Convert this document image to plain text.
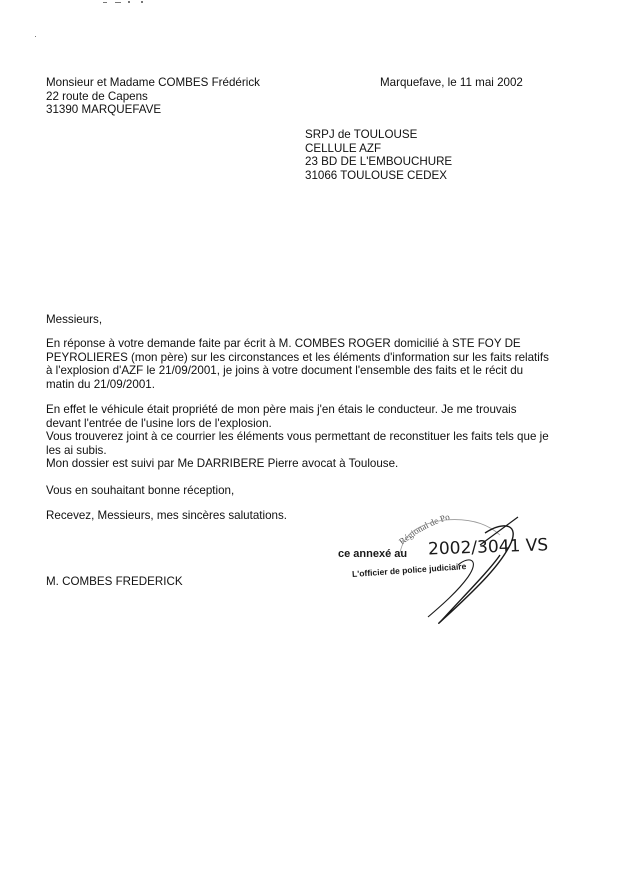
Monsieur et Madame COMBES Frédérick
22 route de Capens
31390 MARQUEFAVE
Marquefave, le 11 mai 2002
SRPJ de TOULOUSE
CELLULE AZF
23 BD DE L'EMBOUCHURE
31066 TOULOUSE CEDEX
Messieurs,
En réponse à votre demande faite par écrit à M. COMBES ROGER domicilié à STE FOY DE
PEYROLIERES (mon père) sur les circonstances et les éléments d'information sur les faits relatifs
à l'explosion d'AZF le 21/09/2001, je joins à votre document l'ensemble des faits et le récit du
matin du 21/09/2001.
En effet le véhicule était propriété de mon père mais j'en étais le conducteur. Je me trouvais
devant l'entrée de l'usine lors de l'explosion.
Vous trouverez joint à ce courrier les éléments vous permettant de reconstituer les faits tels que je
les ai subis.
Mon dossier est suivi par Me DARRIBERE Pierre avocat à Toulouse.
Vous en souhaitant bonne réception,
Recevez, Messieurs, mes sincères salutations.
M. COMBES FREDERICK
Régional de Po
ce annexé au 2002/3041 VS
L'officier de police judiciaire
